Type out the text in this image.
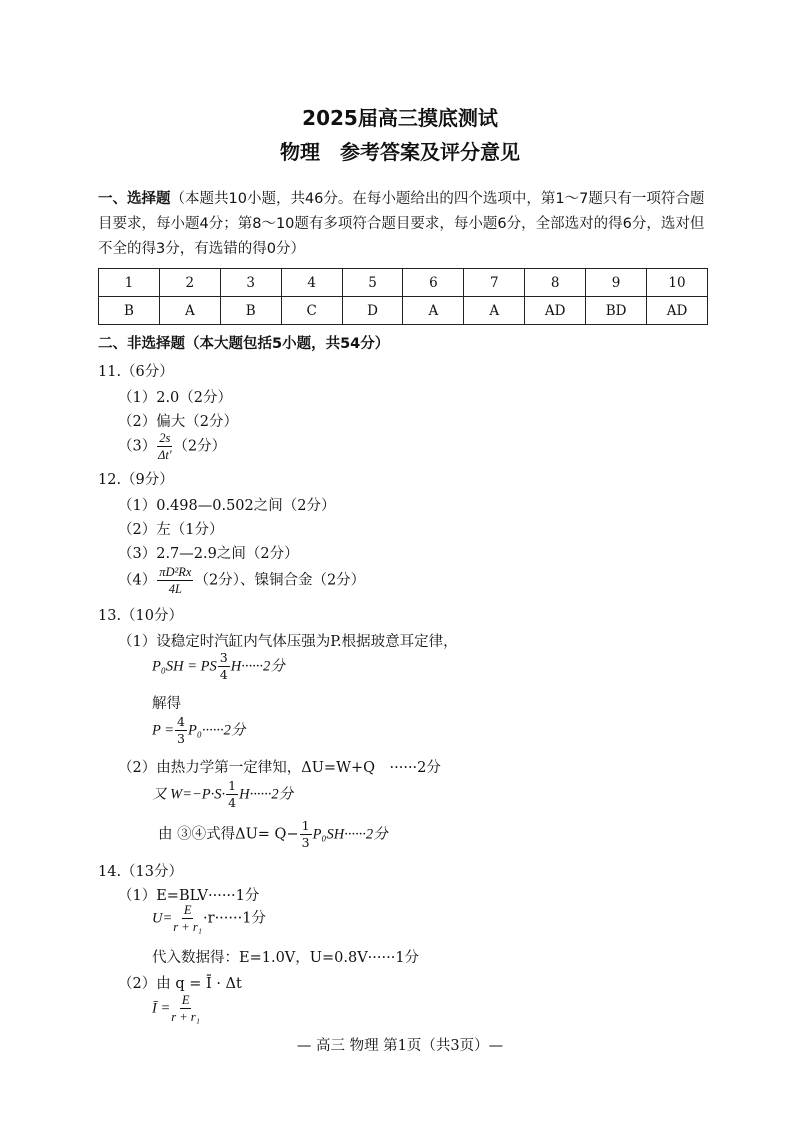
2025届高三摸底测试
物理　参考答案及评分意见
一、选择题（本题共10小题，共46分。在每小题给出的四个选项中，第1～7题只有一项符合题目要求，每小题4分；第8～10题有多项符合题目要求，每小题6分，全部选对的得6分，选对但不全的得3分，有选错的得0分）
1	2	3	4	5	6	7	8	9	10
B	A	B	C	D	A	A	AD	BD	AD
二、非选择题（本大题包括5小题，共54分）
11.（6分）
（1）2.0（2分）
（2）偏大（2分）
$(3) \frac{2s}{\Delta t'} (2$分）
12.（9分）
（1）0.498—0.502之间（2分）
（2）左（1分）
（3）2.7—2.9之间（2分）
$(4) \frac{\text{πD²Rx}}{4L} (2$分）、镍铜合金（2分）
13.（10分）
（1）设稳定时汽缸内气体压强为P.根据玻意耳定律，
P₀SH = PS $\frac{3}{4} H\cdot\cdot\cdot\cdot\cdot\cdot 2$分
解得
$P = \frac{4}{3} P_0\cdot\cdot\cdot\cdot\cdot\cdot 2$分
（2）由热力学第一定律知，ΔU=W+Q　······2分
又 $W=-P\cdot S\cdot \frac{1}{4} H\cdot\cdot\cdot\cdot\cdot\cdot 2$分
由 ③④式得$\Delta U= Q- \frac{1}{3} P_0SH\cdot\cdot\cdot\cdot\cdot\cdot 2$分
14.（13分）
（1）E=BLV······1分
$U= \frac{E}{\text{r + r₁}} \cdot r\cdot\cdot\cdot\cdot\cdot\cdot 1$分
代入数据得：E=1.0V，U=0.8V······1分
（2）由 q = Ī · Δt
Ī = $\frac{E}{\text{r + r₁}}$
— 高三 物理 第1页（共3页）—
